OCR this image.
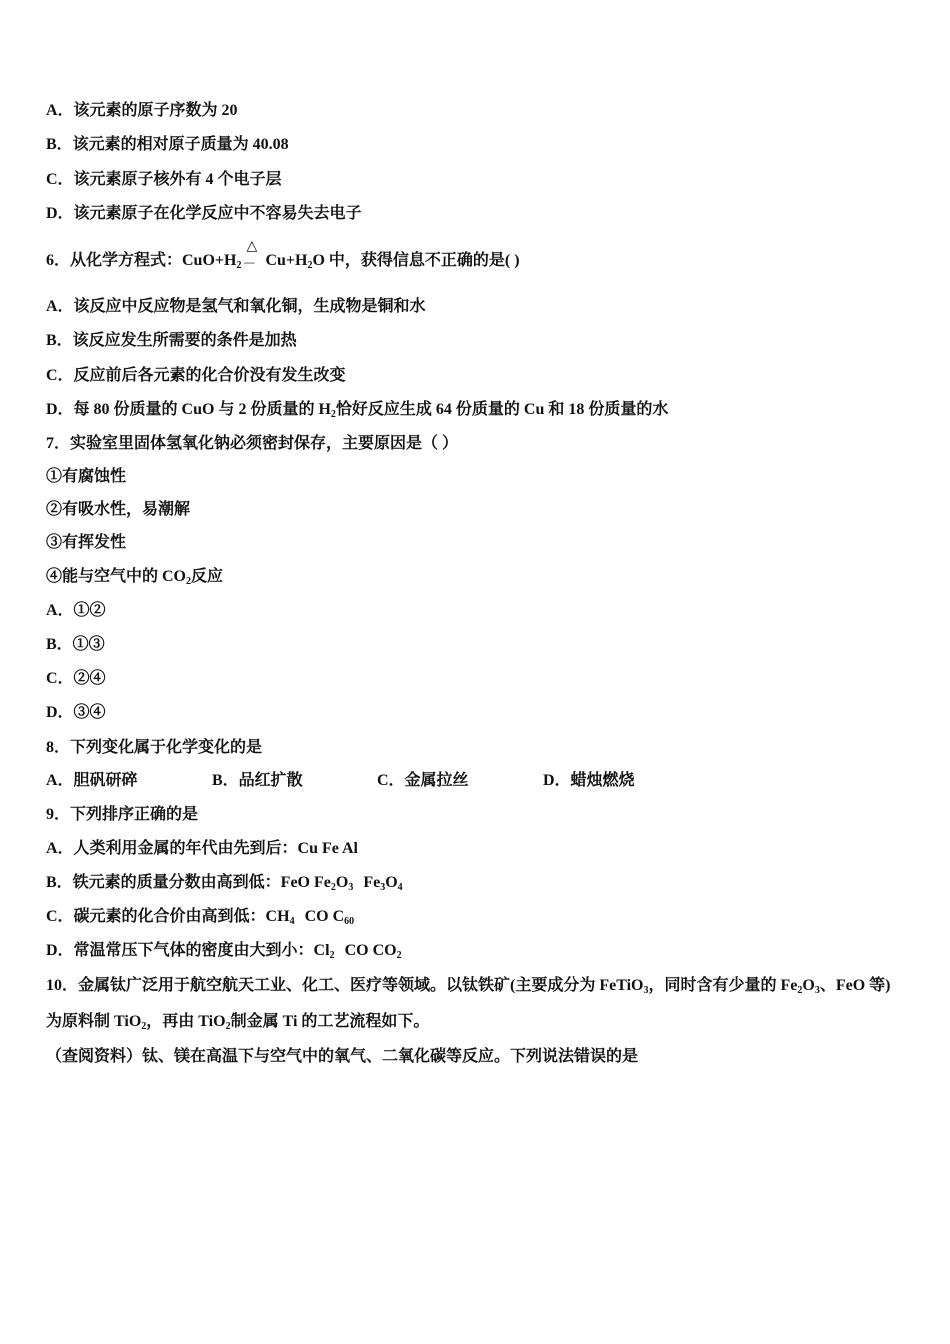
A．该元素的原子序数为 20
B．该元素的相对原子质量为 40.08
C．该元素原子核外有 4 个电子层
D．该元素原子在化学反应中不容易失去电子
6．从化学方程式：$CuO+H_2$
△
=== $Cu+H_2O$ 中，获得信息不正确的是( )
A．该反应中反应物是氢气和氧化铜，生成物是铜和水
B．该反应发生所需要的条件是加热
C．反应前后各元素的化合价没有发生改变
D．每 80 份质量的 CuO 与 2 份质量的 $H_2$恰好反应生成 64 份质量的 Cu 和 18 份质量的水
7．实验室里固体氢氧化钠必须密封保存，主要原因是（ ）
①有腐蚀性
②有吸水性，易潮解
③有挥发性
④能与空气中的 $CO_2$反应
A．①②
B．①③
C．②④
D．③④
8．下列变化属于化学变化的是
A．胆矾研碎	B．品红扩散	C．金属拉丝	D．蜡烛燃烧
9．下列排序正确的是
A．人类利用金属的年代由先到后：Cu Fe Al
B．铁元素的质量分数由高到低：FeO $Fe_2O_3$ $Fe_3O_4$
C．碳元素的化合价由高到低：$CH_4$ CO $C_{60}$
D．常温常压下气体的密度由大到小：$Cl_2$ CO $CO_2$
10．金属钛广泛用于航空航天工业、化工、医疗等领域。以钛铁矿(主要成分为 FeTiO$_3$，同时含有少量的 $Fe_2O_3$、FeO 等)
为原料制 TiO$_2$，再由 TiO$_2$制金属 Ti 的工艺流程如下。
（查阅资料）钛、镁在高温下与空气中的氧气、二氧化碳等反应。下列说法错误的是
